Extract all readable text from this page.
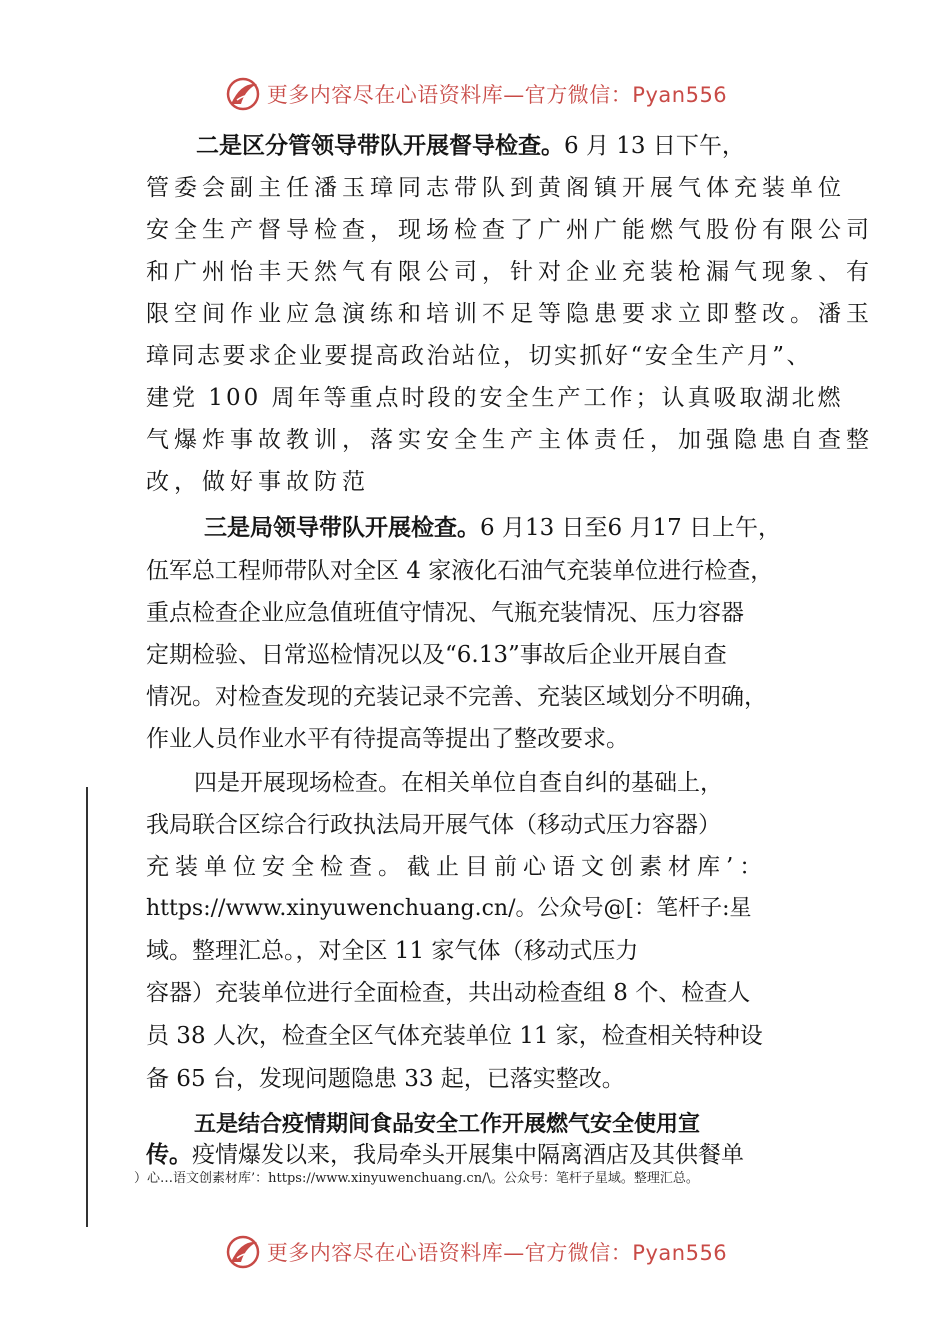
更多内容尽在心语资料库—官方微信：Pyan556
二是区分管领导带队开展督导检查。6 月 13 日下午，
管委会副主任潘玉璋同志带队到黄阁镇开展气体充装单位
安全生产督导检查，现场检查了广州广能燃气股份有限公司
和广州怡丰天然气有限公司，针对企业充装枪漏气现象、有
限空间作业应急演练和培训不足等隐患要求立即整改。潘玉
璋同志要求企业要提高政治站位，切实抓好“安全生产月”、
建党 100 周年等重点时段的安全生产工作；认真吸取湖北燃
气爆炸事故教训，落实安全生产主体责任，加强隐患自查整
改，做好事故防范
三是局领导带队开展检查。6 月13 日至6 月17 日上午，
伍军总工程师带队对全区 4 家液化石油气充装单位进行检查，
重点检查企业应急值班值守情况、气瓶充装情况、压力容器
定期检验、日常巡检情况以及“6.13”事故后企业开展自查
情况。对检查发现的充装记录不完善、充装区域划分不明确，
作业人员作业水平有待提高等提出了整改要求。
四是开展现场检查。在相关单位自查自纠的基础上，
我局联合区综合行政执法局开展气体（移动式压力容器）
充装单位安全检查。截止目前心语文创素材库’：
https://www.xinyuwenchuang.cn/。公众号@[：笔杆子:星
域。整理汇总。，对全区 11 家气体（移动式压力
容器）充装单位进行全面检查，共出动检查组 8 个、检查人
员 38 人次，检查全区气体充装单位 11 家，检查相关特种设
备 65 台，发现问题隐患 33 起，已落实整改。
五是结合疫情期间食品安全工作开展燃气安全使用宣
传。疫情爆发以来，我局牵头开展集中隔离酒店及其供餐单
）心…语文创素材库’：https://www.xinyuwenchuang.cn/\。公众号：笔杆子星域。整理汇总。
更多内容尽在心语资料库—官方微信：Pyan556
